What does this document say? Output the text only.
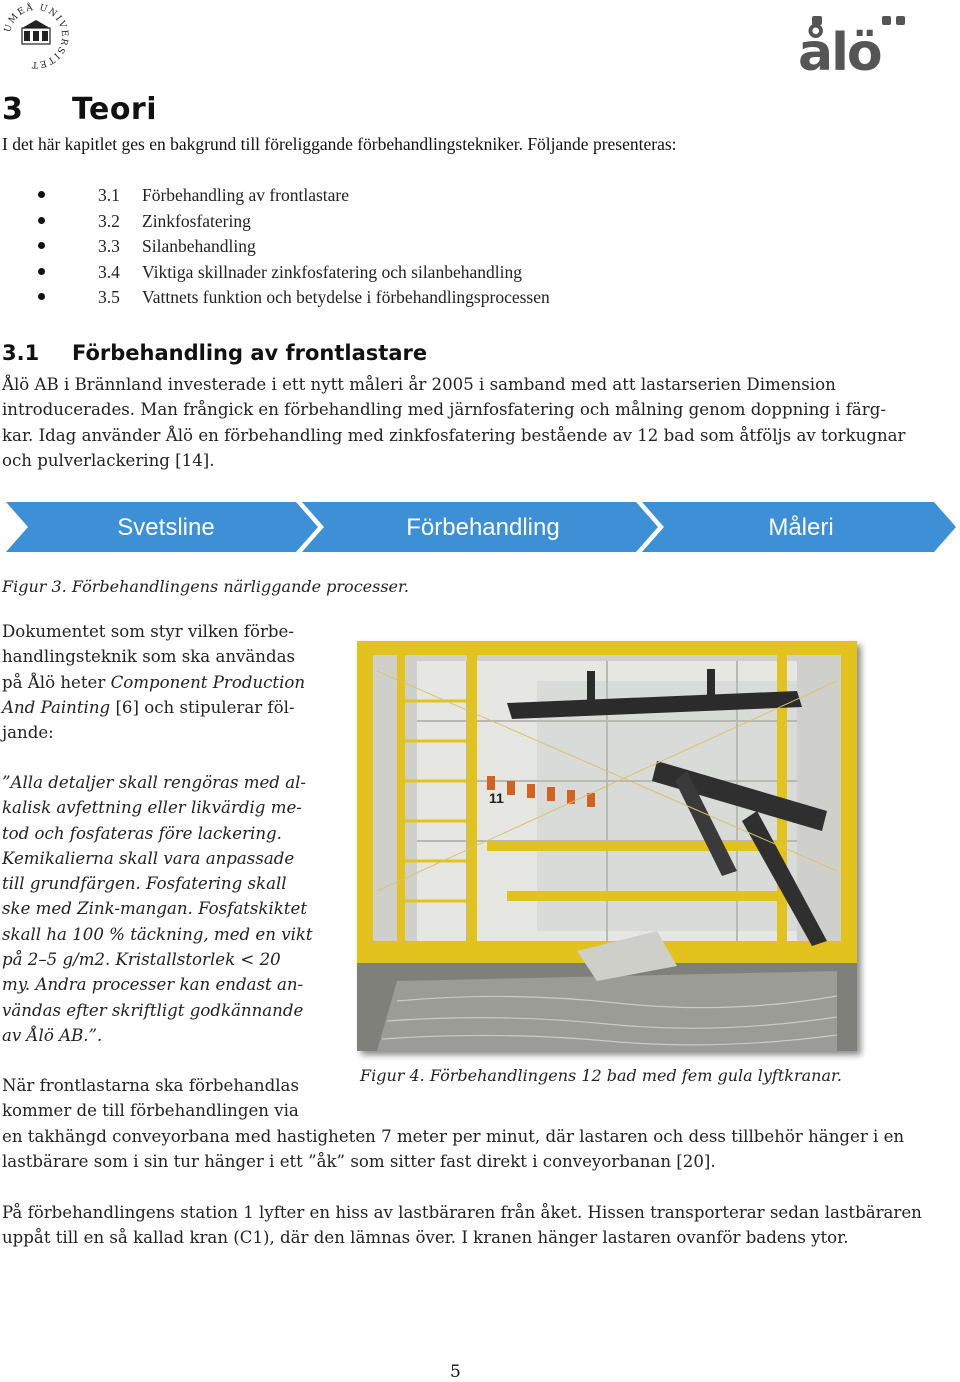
UMEÅ UNIVERSITET	ålö
3 Teori
I det här kapitlet ges en bakgrund till föreliggande förbehandlingstekniker. Följande presenteras:
3.1 Förbehandling av frontlastare
3.2 Zinkfosfatering
3.3 Silanbehandling
3.4 Viktiga skillnader zinkfosfatering och silanbehandling
3.5 Vattnets funktion och betydelse i förbehandlingsprocessen
3.1 Förbehandling av frontlastare
Ålö AB i Brännland investerade i ett nytt måleri år 2005 i samband med att lastarserien Dimension
introducerades. Man frångick en förbehandling med järnfosfatering och målning genom doppning i färg-
kar. Idag använder Ålö en förbehandling med zinkfosfatering bestående av 12 bad som åtföljs av torkugnar
och pulverlackering [14].
Svetsline	Förbehandling	Måleri
Figur 3. Förbehandlingens närliggande processer.
Dokumentet som styr vilken förbe-
handlingsteknik som ska användas
på Ålö heter Component Production
And Painting [6] och stipulerar föl-
jande:
”Alla detaljer skall rengöras med al-
kalisk avfettning eller likvärdig me-
tod och fosfateras före lackering.
Kemikalierna skall vara anpassade
till grundfärgen. Fosfatering skall
ske med Zink-mangan. Fosfatskiktet
skall ha 100 % täckning, med en vikt
på 2–5 g/m2. Kristallstorlek < 20
my. Andra processer kan endast an-
vändas efter skriftligt godkännande
av Ålö AB.”.
11
Figur 4. Förbehandlingens 12 bad med fem gula lyftkranar.
När frontlastarna ska förbehandlas
kommer de till förbehandlingen via
en takhängd conveyorbana med hastigheten 7 meter per minut, där lastaren och dess tillbehör hänger i en
lastbärare som i sin tur hänger i ett ”åk” som sitter fast direkt i conveyorbanan [20].
På förbehandlingens station 1 lyfter en hiss av lastbäraren från åket. Hissen transporterar sedan lastbäraren
uppåt till en så kallad kran (C1), där den lämnas över. I kranen hänger lastaren ovanför badens ytor.
5
